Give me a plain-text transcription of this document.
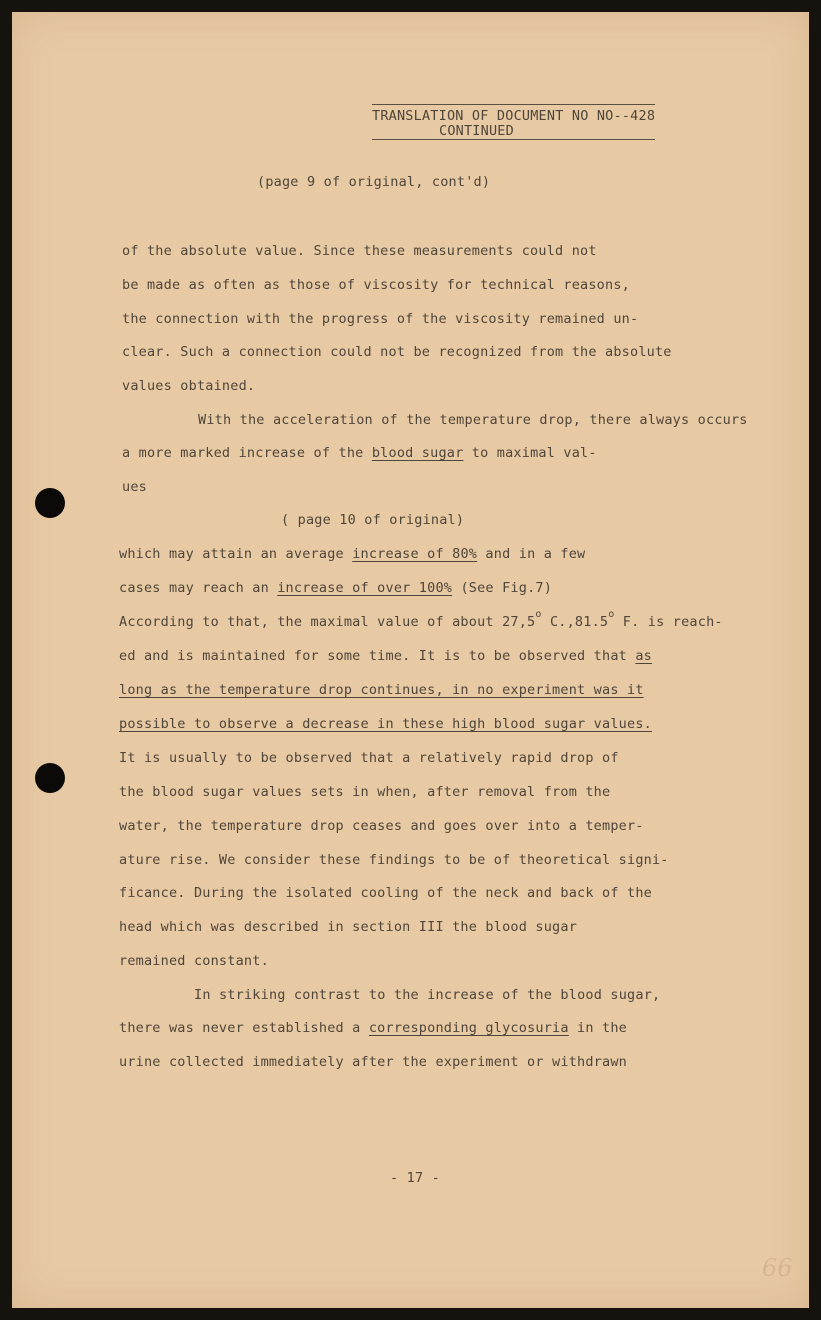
TRANSLATION OF DOCUMENT NO NO--428
CONTINUED
(page 9 of original, cont'd)
of the absolute value. Since these measurements could not
be made as often as those of viscosity for technical reasons,
the connection with the progress of the viscosity remained un-
clear. Such a connection could not be recognized from the absolute
values obtained.
With the acceleration of the temperature drop, there always occurs
a more marked increase of the blood sugar to maximal val-
ues
( page 10 of original)
which may attain an average increase of 80% and in a few
cases may reach an increase of over 100% (See Fig.7)
According to that, the maximal value of about 27,5$^o$ C.,81.5$^o$ F. is reach-
ed and is maintained for some time. It is to be observed that as
long as the temperature drop continues, in no experiment was it
possible to observe a decrease in these high blood sugar values.
It is usually to be observed that a relatively rapid drop of
the blood sugar values sets in when, after removal from the
water, the temperature drop ceases and goes over into a temper-
ature rise. We consider these findings to be of theoretical signi-
ficance. During the isolated cooling of the neck and back of the
head which was described in section III the blood sugar
remained constant.
In striking contrast to the increase of the blood sugar,
there was never established a corresponding glycosuria in the
urine collected immediately after the experiment or withdrawn
- 17 -
66
